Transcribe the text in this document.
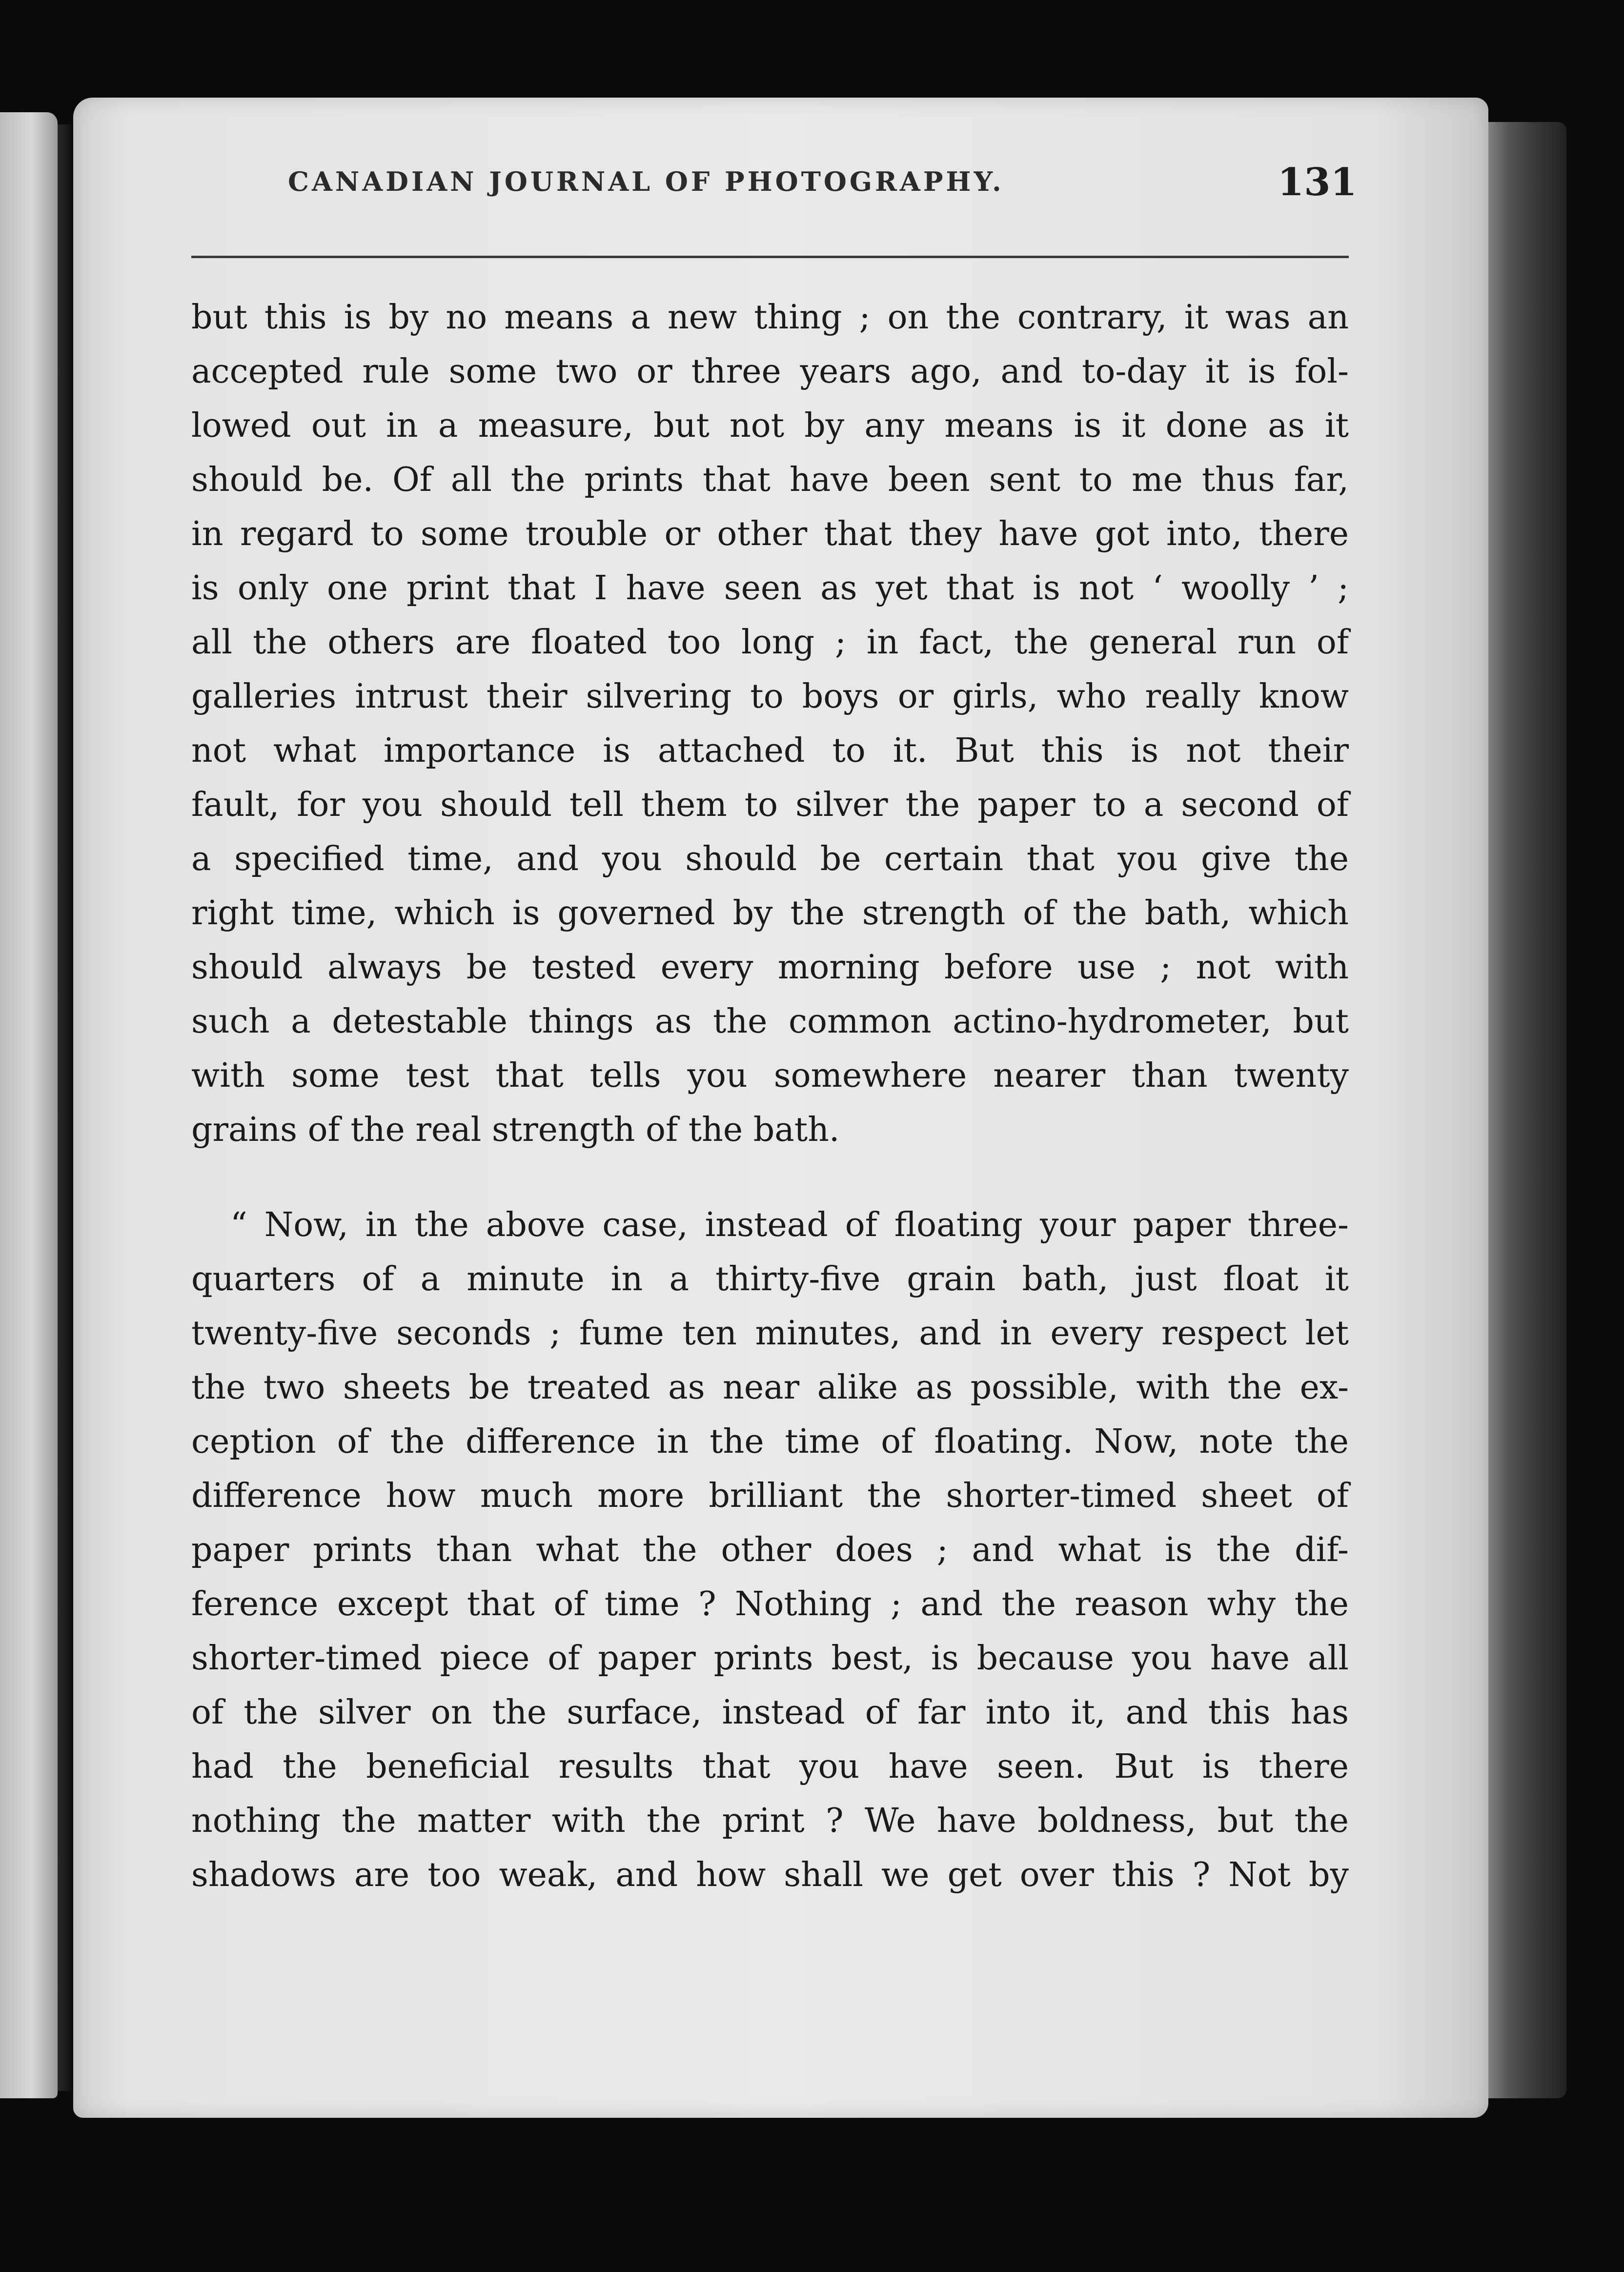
CANADIAN JOURNAL OF PHOTOGRAPHY.	131
but this is by no means a new thing ; on the contrary, it was an
accepted rule some two or three years ago, and to-day it is fol-
lowed out in a measure, but not by any means is it done as it
should be. Of all the prints that have been sent to me thus far,
in regard to some trouble or other that they have got into, there
is only one print that I have seen as yet that is not ‘ woolly ’ ;
all the others are floated too long ; in fact, the general run of
galleries intrust their silvering to boys or girls, who really know
not what importance is attached to it. But this is not their
fault, for you should tell them to silver the paper to a second of
a specified time, and you should be certain that you give the
right time, which is governed by the strength of the bath, which
should always be tested every morning before use ; not with
such a detestable things as the common actino-hydrometer, but
with some test that tells you somewhere nearer than twenty
grains of the real strength of the bath.
“ Now, in the above case, instead of floating your paper three-
quarters of a minute in a thirty-five grain bath, just float it
twenty-five seconds ; fume ten minutes, and in every respect let
the two sheets be treated as near alike as possible, with the ex-
ception of the difference in the time of floating. Now, note the
difference how much more brilliant the shorter-timed sheet of
paper prints than what the other does ; and what is the dif-
ference except that of time ? Nothing ; and the reason why the
shorter-timed piece of paper prints best, is because you have all
of the silver on the surface, instead of far into it, and this has
had the beneficial results that you have seen. But is there
nothing the matter with the print ? We have boldness, but the
shadows are too weak, and how shall we get over this ? Not by
